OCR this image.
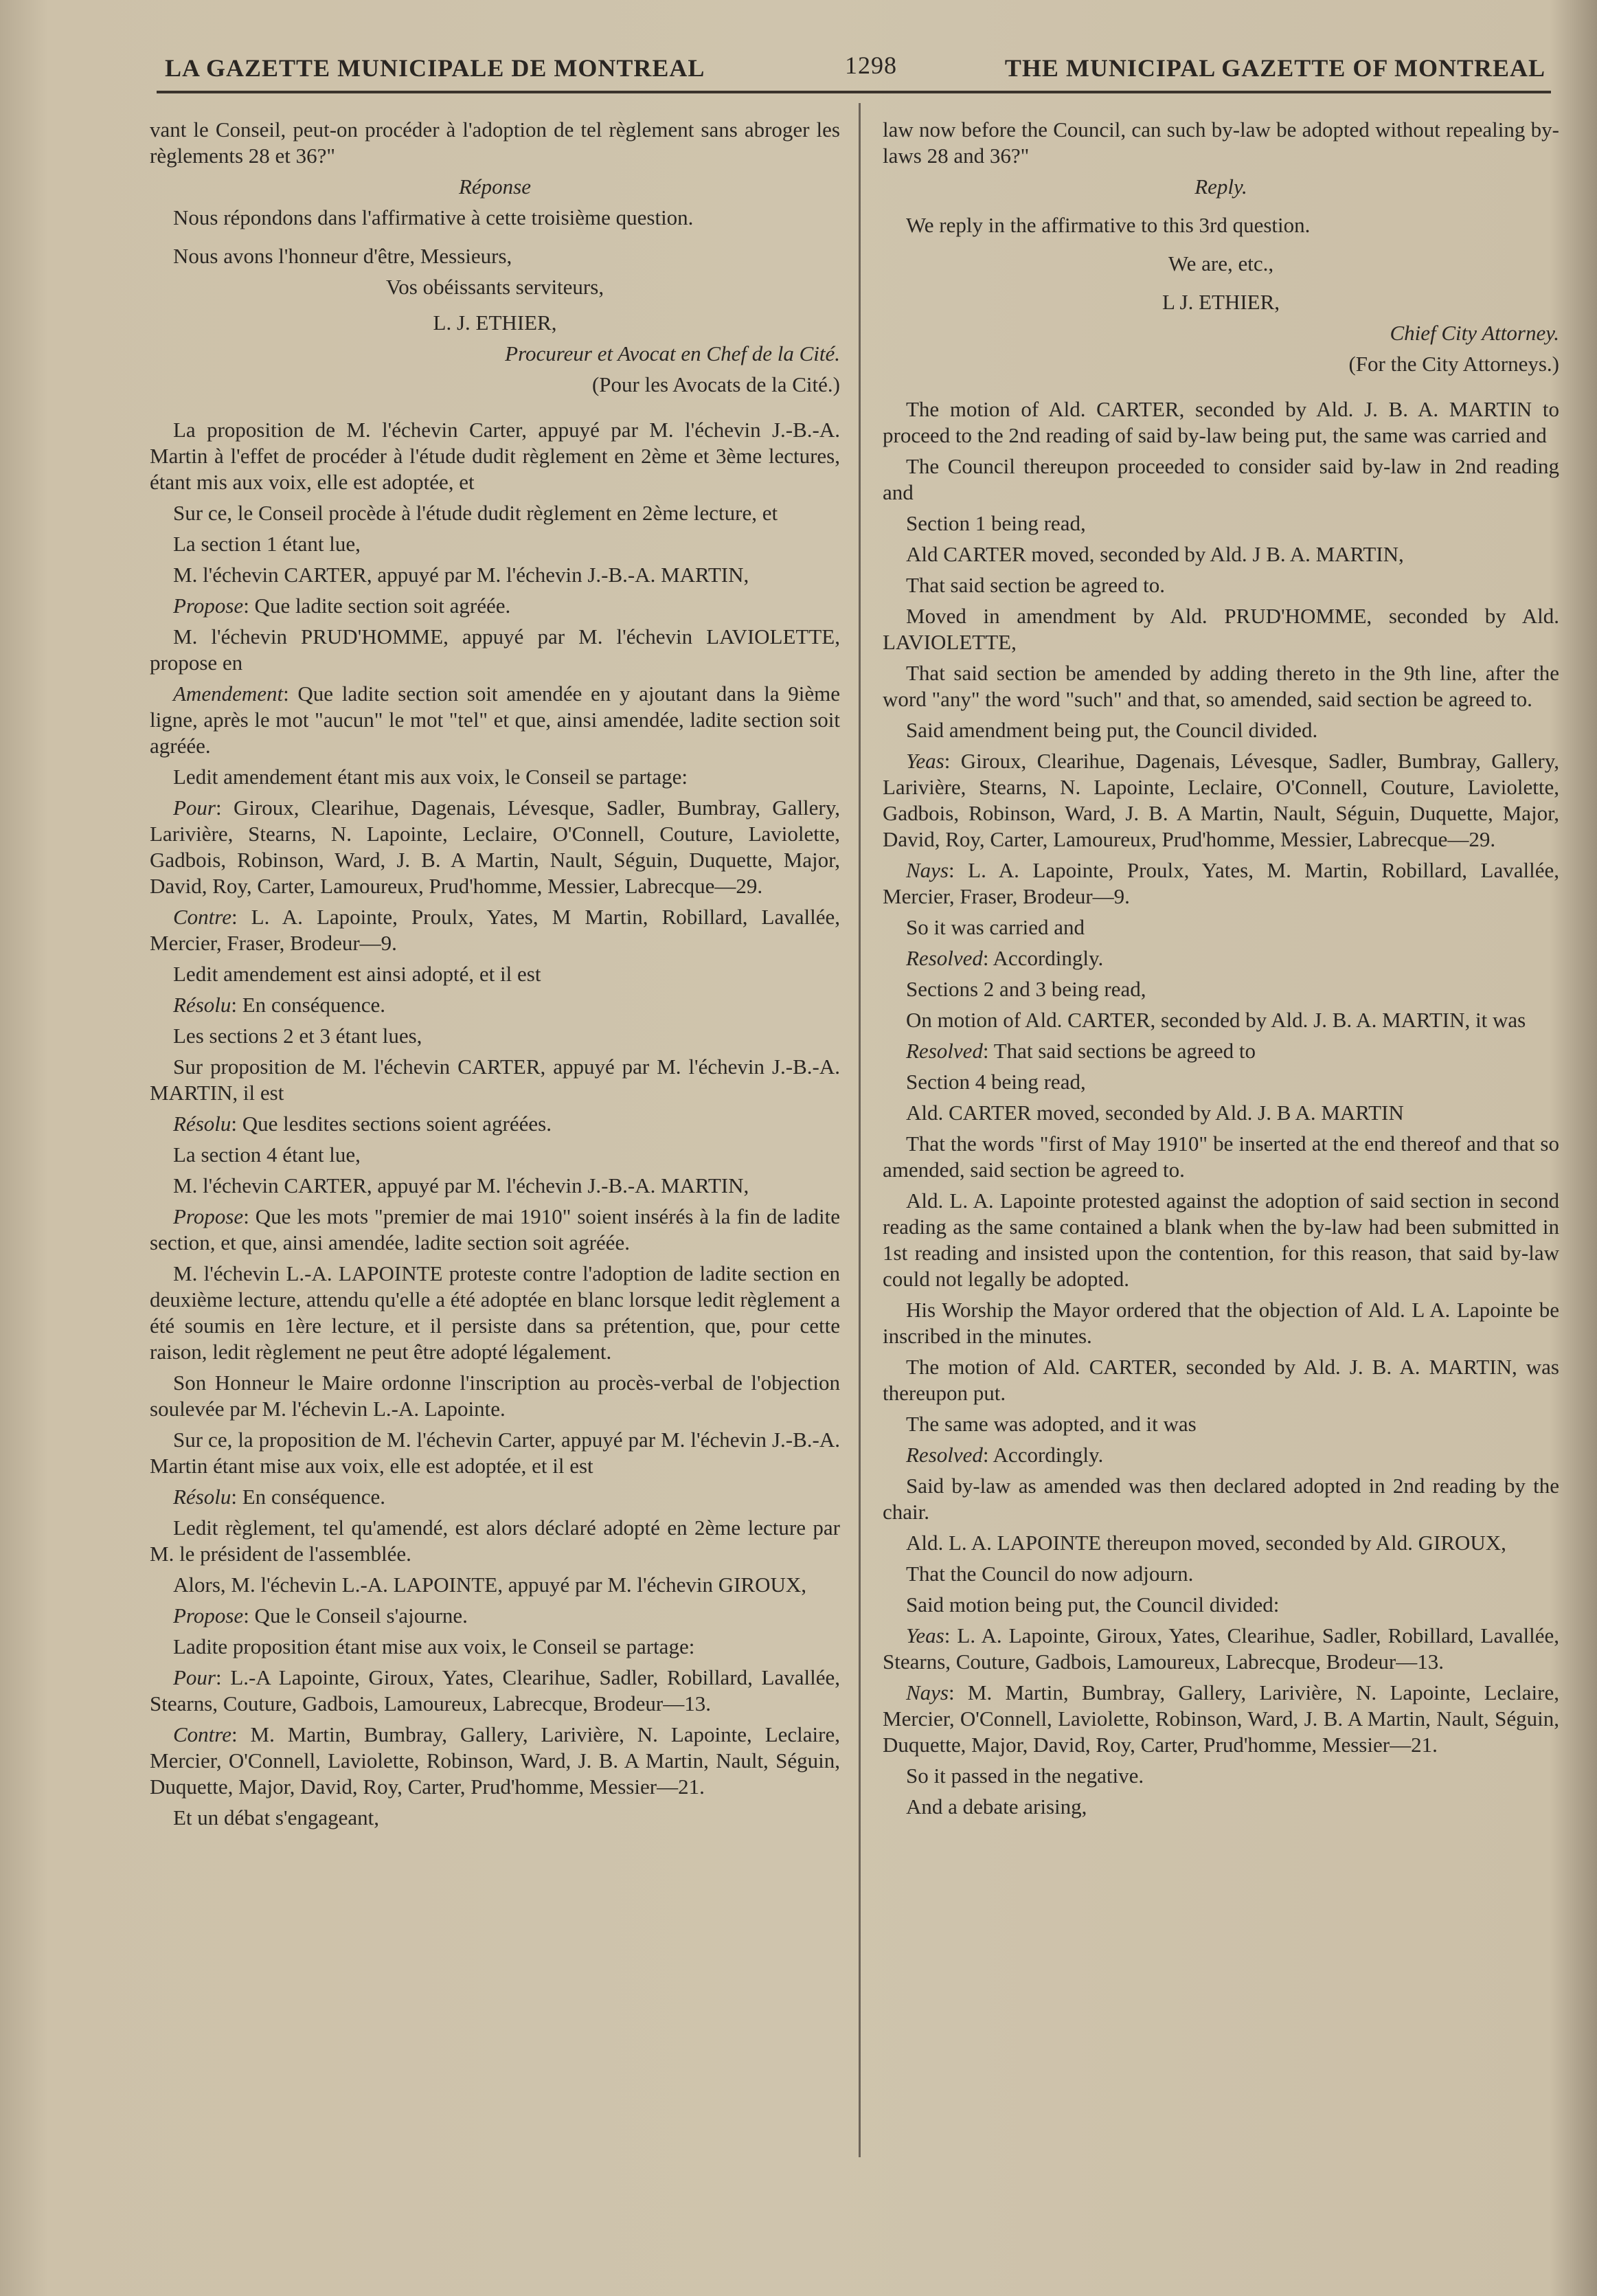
LA GAZETTE MUNICIPALE DE MONTREAL	1298	THE MUNICIPAL GAZETTE OF MONTREAL

vant le Conseil, peut-on procéder à l'adoption de tel règlement sans abroger les règlements 28 et 36?"

Réponse

Nous répondons dans l'affirmative à cette troisième question.

Nous avons l'honneur d'être, Messieurs,

Vos obéissants serviteurs,

L. J. ETHIER,

Procureur et Avocat en Chef de la Cité.

(Pour les Avocats de la Cité.)

La proposition de M. l'échevin Carter, appuyé par M. l'échevin J.-B.-A. Martin à l'effet de procéder à l'étude dudit règlement en 2ème et 3ème lectures, étant mis aux voix, elle est adoptée, et

Sur ce, le Conseil procède à l'étude dudit règlement en 2ème lecture, et

La section 1 étant lue,

M. l'échevin CARTER, appuyé par M. l'échevin J.-B.-A. MARTIN,

Propose: Que ladite section soit agréée.

M. l'échevin PRUD'HOMME, appuyé par M. l'échevin LAVIOLETTE, propose en

Amendement: Que ladite section soit amendée en y ajoutant dans la 9ième ligne, après le mot "aucun" le mot "tel" et que, ainsi amendée, ladite section soit agréée.

Ledit amendement étant mis aux voix, le Conseil se partage:

Pour: Giroux, Clearihue, Dagenais, Lévesque, Sadler, Bumbray, Gallery, Larivière, Stearns, N. Lapointe, Leclaire, O'Connell, Couture, Laviolette, Gadbois, Robinson, Ward, J. B. A Martin, Nault, Séguin, Duquette, Major, David, Roy, Carter, Lamoureux, Prud'homme, Messier, Labrecque—29.

Contre: L. A. Lapointe, Proulx, Yates, M Martin, Robillard, Lavallée, Mercier, Fraser, Brodeur—9.

Ledit amendement est ainsi adopté, et il est

Résolu: En conséquence.

Les sections 2 et 3 étant lues,

Sur proposition de M. l'échevin CARTER, appuyé par M. l'échevin J.-B.-A. MARTIN, il est

Résolu: Que lesdites sections soient agréées.

La section 4 étant lue,

M. l'échevin CARTER, appuyé par M. l'échevin J.-B.-A. MARTIN,

Propose: Que les mots "premier de mai 1910" soient insérés à la fin de ladite section, et que, ainsi amendée, ladite section soit agréée.

M. l'échevin L.-A. LAPOINTE proteste contre l'adoption de ladite section en deuxième lecture, attendu qu'elle a été adoptée en blanc lorsque ledit règlement a été soumis en 1ère lecture, et il persiste dans sa prétention, que, pour cette raison, ledit règlement ne peut être adopté légalement.

Son Honneur le Maire ordonne l'inscription au procès-verbal de l'objection soulevée par M. l'échevin L.-A. Lapointe.

Sur ce, la proposition de M. l'échevin Carter, appuyé par M. l'échevin J.-B.-A. Martin étant mise aux voix, elle est adoptée, et il est

Résolu: En conséquence.

Ledit règlement, tel qu'amendé, est alors déclaré adopté en 2ème lecture par M. le président de l'assemblée.

Alors, M. l'échevin L.-A. LAPOINTE, appuyé par M. l'échevin GIROUX,

Propose: Que le Conseil s'ajourne.

Ladite proposition étant mise aux voix, le Conseil se partage:

Pour: L.-A Lapointe, Giroux, Yates, Clearihue, Sadler, Robillard, Lavallée, Stearns, Couture, Gadbois, Lamoureux, Labrecque, Brodeur—13.

Contre: M. Martin, Bumbray, Gallery, Larivière, N. Lapointe, Leclaire, Mercier, O'Connell, Laviolette, Robinson, Ward, J. B. A Martin, Nault, Séguin, Duquette, Major, David, Roy, Carter, Prud'homme, Messier—21.

Et un débat s'engageant,

law now before the Council, can such by-law be adopted without repealing by-laws 28 and 36?"

Reply.

We reply in the affirmative to this 3rd question.

We are, etc.,

L J. ETHIER,

Chief City Attorney.

(For the City Attorneys.)

The motion of Ald. CARTER, seconded by Ald. J. B. A. MARTIN to proceed to the 2nd reading of said by-law being put, the same was carried and

The Council thereupon proceeded to consider said by-law in 2nd reading and

Section 1 being read,

Ald CARTER moved, seconded by Ald. J B. A. MARTIN,

That said section be agreed to.

Moved in amendment by Ald. PRUD'HOMME, seconded by Ald. LAVIOLETTE,

That said section be amended by adding thereto in the 9th line, after the word "any" the word "such" and that, so amended, said section be agreed to.

Said amendment being put, the Council divided.

Yeas: Giroux, Clearihue, Dagenais, Lévesque, Sadler, Bumbray, Gallery, Larivière, Stearns, N. Lapointe, Leclaire, O'Connell, Couture, Laviolette, Gadbois, Robinson, Ward, J. B. A Martin, Nault, Séguin, Duquette, Major, David, Roy, Carter, Lamoureux, Prud'homme, Messier, Labrecque—29.

Nays: L. A. Lapointe, Proulx, Yates, M. Martin, Robillard, Lavallée, Mercier, Fraser, Brodeur—9.

So it was carried and

Resolved: Accordingly.

Sections 2 and 3 being read,

On motion of Ald. CARTER, seconded by Ald. J. B. A. MARTIN, it was

Resolved: That said sections be agreed to

Section 4 being read,

Ald. CARTER moved, seconded by Ald. J. B A. MARTIN

That the words "first of May 1910" be inserted at the end thereof and that so amended, said section be agreed to.

Ald. L. A. Lapointe protested against the adoption of said section in second reading as the same contained a blank when the by-law had been submitted in 1st reading and insisted upon the contention, for this reason, that said by-law could not legally be adopted.

His Worship the Mayor ordered that the objection of Ald. L A. Lapointe be inscribed in the minutes.

The motion of Ald. CARTER, seconded by Ald. J. B. A. MARTIN, was thereupon put.

The same was adopted, and it was

Resolved: Accordingly.

Said by-law as amended was then declared adopted in 2nd reading by the chair.

Ald. L. A. LAPOINTE thereupon moved, seconded by Ald. GIROUX,

That the Council do now adjourn.

Said motion being put, the Council divided:

Yeas: L. A. Lapointe, Giroux, Yates, Clearihue, Sadler, Robillard, Lavallée, Stearns, Couture, Gadbois, Lamoureux, Labrecque, Brodeur—13.

Nays: M. Martin, Bumbray, Gallery, Larivière, N. Lapointe, Leclaire, Mercier, O'Connell, Laviolette, Robinson, Ward, J. B. A Martin, Nault, Séguin, Duquette, Major, David, Roy, Carter, Prud'homme, Messier—21.

So it passed in the negative.

And a debate arising,
